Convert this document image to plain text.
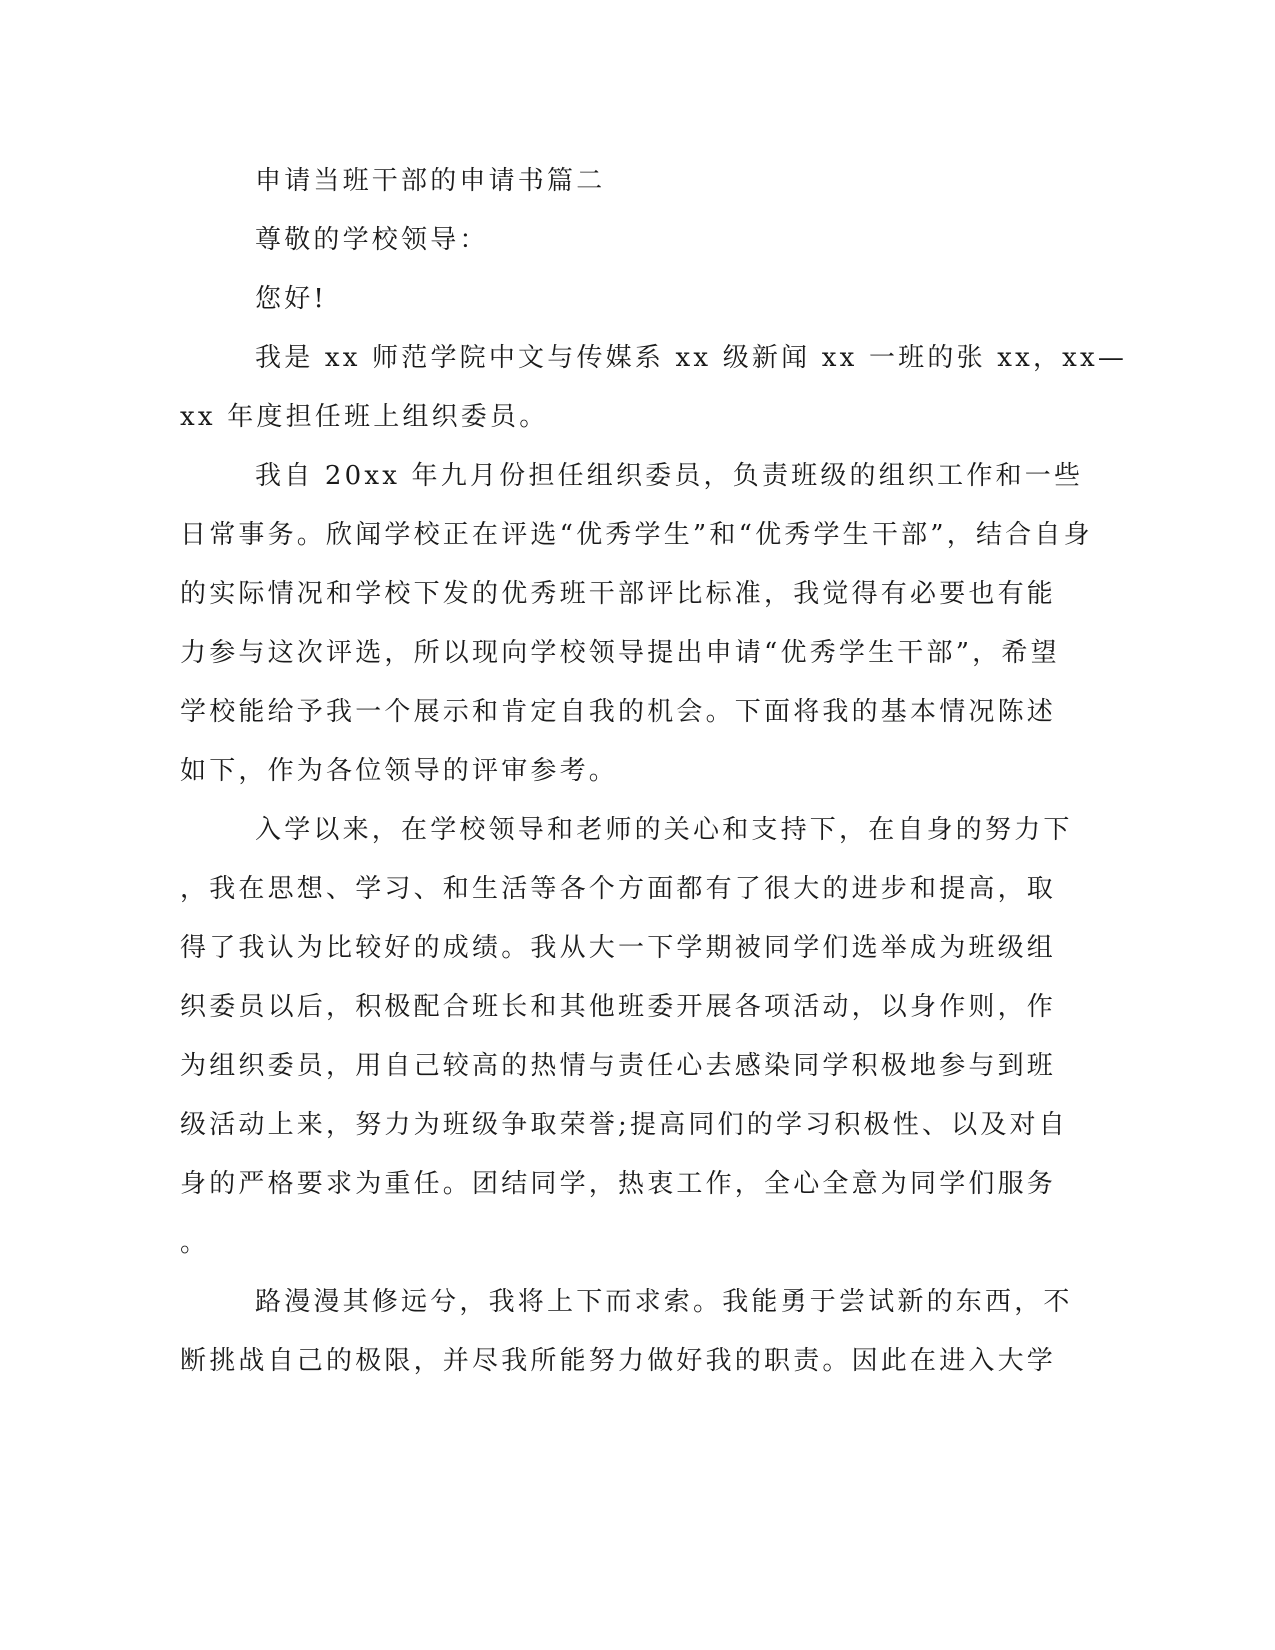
申请当班干部的申请书篇二
尊敬的学校领导：
您好!
我是 xx 师范学院中文与传媒系 xx 级新闻 xx 一班的张 xx，xx—
xx 年度担任班上组织委员。
我自 20xx 年九月份担任组织委员，负责班级的组织工作和一些
日常事务。欣闻学校正在评选“优秀学生”和“优秀学生干部”，结合自身
的实际情况和学校下发的优秀班干部评比标准，我觉得有必要也有能
力参与这次评选，所以现向学校领导提出申请“优秀学生干部”，希望
学校能给予我一个展示和肯定自我的机会。下面将我的基本情况陈述
如下，作为各位领导的评审参考。
入学以来，在学校领导和老师的关心和支持下，在自身的努力下
，我在思想、学习、和生活等各个方面都有了很大的进步和提高，取
得了我认为比较好的成绩。我从大一下学期被同学们选举成为班级组
织委员以后，积极配合班长和其他班委开展各项活动，以身作则，作
为组织委员，用自己较高的热情与责任心去感染同学积极地参与到班
级活动上来，努力为班级争取荣誉;提高同们的学习积极性、以及对自
身的严格要求为重任。团结同学，热衷工作，全心全意为同学们服务
。
路漫漫其修远兮，我将上下而求索。我能勇于尝试新的东西，不
断挑战自己的极限，并尽我所能努力做好我的职责。因此在进入大学
